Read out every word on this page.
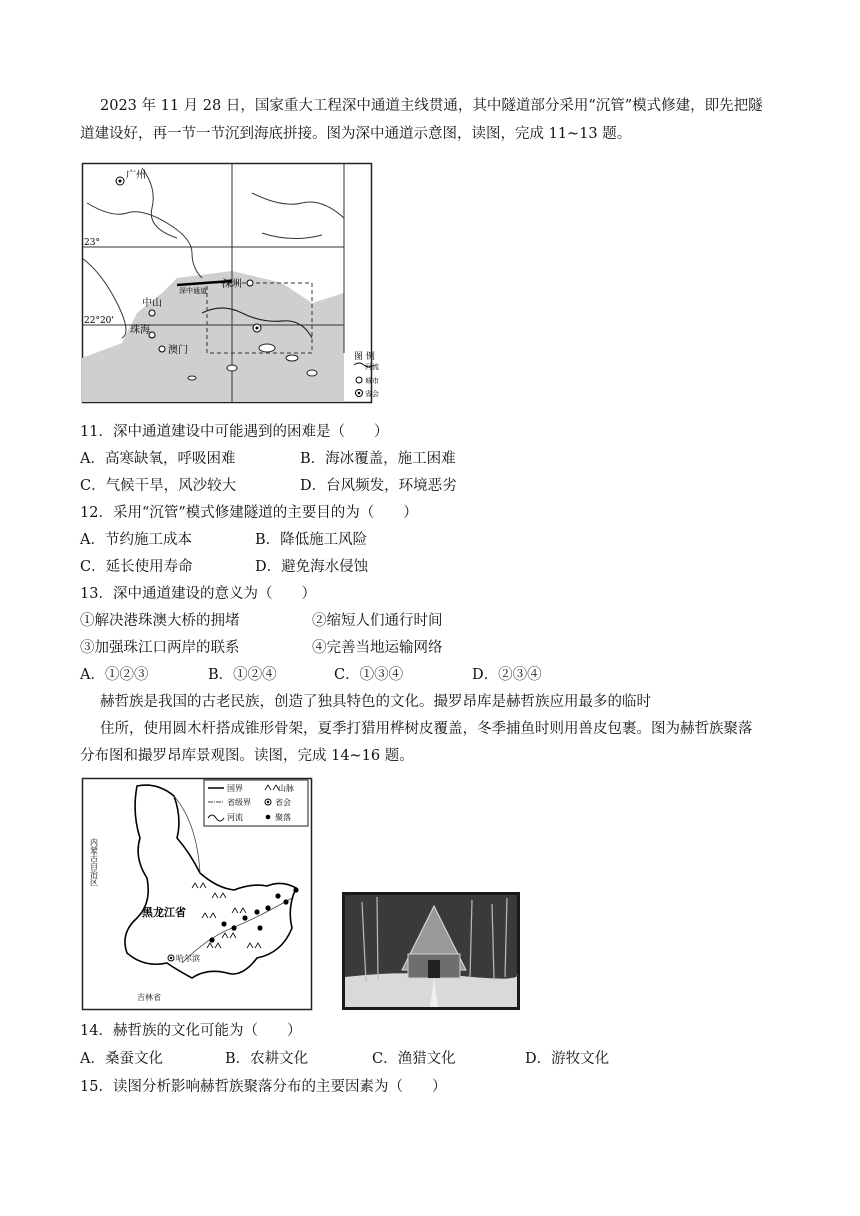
2023 年 11 月 28 日，国家重大工程深中通道主线贯通，其中隧道部分采用“沉管”模式修建，即先把隧
道建设好，再一节一节沉到海底拼接。图为深中通道示意图，读图，完成 11~13 题。
23°
22°20'
广州
中山
深圳
珠海
澳门
深中通道
图 例
河流
城市
省会
11．深中通道建设中可能遇到的困难是（　　）
A．高寒缺氧，呼吸困难	B．海冰覆盖，施工困难
C．气候干旱，风沙较大	D．台风频发，环境恶劣
12．采用“沉管”模式修建隧道的主要目的为（　　）
A．节约施工成本	B．降低施工风险
C．延长使用寿命	D．避免海水侵蚀
13．深中通道建设的意义为（　　）
①解决港珠澳大桥的拥堵	②缩短人们通行时间
③加强珠江口两岸的联系	④完善当地运输网络
A．①②③	B．①②④	C．①③④	D．②③④
赫哲族是我国的古老民族，创造了独具特色的文化。撮罗昂库是赫哲族应用最多的临时
住所，使用圆木杆搭成锥形骨架，夏季打猎用桦树皮覆盖，冬季捕鱼时则用兽皮包裹。图为赫哲族聚落
分布图和撮罗昂库景观图。读图，完成 14~16 题。
国界	山脉
省级界	省会
河流	聚落
哈尔滨
黑龙江省
吉林省
内蒙古自治区
14．赫哲族的文化可能为（　　）
A．桑蚕文化	B．农耕文化	C．渔猎文化	D．游牧文化
15．读图分析影响赫哲族聚落分布的主要因素为（　　）
